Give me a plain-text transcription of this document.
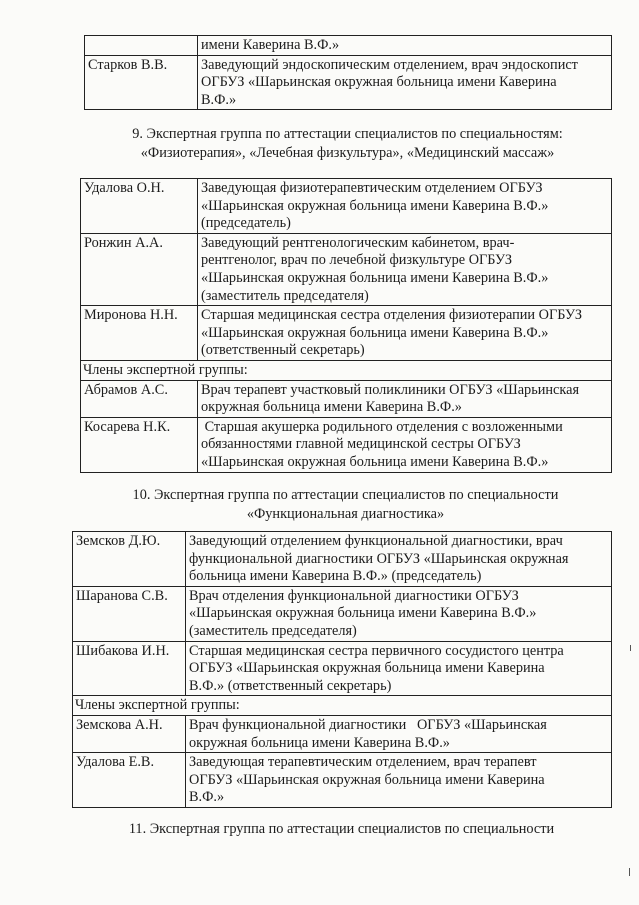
	имени Каверина В.Ф.»

Старков В.В.	Заведующий эндоскопическим отделением, врач эндоскопист
ОГБУЗ «Шарьинская окружная больница имени Каверина
В.Ф.»
9. Экспертная группа по аттестации специалистов по специальностям:
«Физиотерапия», «Лечебная физкультура», «Медицинский массаж»
Удалова О.Н.	Заведующая физиотерапевтическим отделением ОГБУЗ
«Шарьинская окружная больница имени Каверина В.Ф.»
(председатель)

Ронжин А.А.	Заведующий рентгенологическим кабинетом, врач-
рентгенолог, врач по лечебной физкультуре ОГБУЗ
«Шарьинская окружная больница имени Каверина В.Ф.»
(заместитель председателя)

Миронова Н.Н.	Старшая медицинская сестра отделения физиотерапии ОГБУЗ
«Шарьинская окружная больница имени Каверина В.Ф.»
(ответственный секретарь)

Члены экспертной группы:	
Абрамов А.С.	Врач терапевт участковый поликлиники ОГБУЗ «Шарьинская
окружная больница имени Каверина В.Ф.»

Косарева Н.К.	Старшая акушерка родильного отделения с возложенными
обязанностями главной медицинской сестры ОГБУЗ
«Шарьинская окружная больница имени Каверина В.Ф.»
10. Экспертная группа по аттестации специалистов по специальности
«Функциональная диагностика»
Земсков Д.Ю.	Заведующий отделением функциональной диагностики, врач
функциональной диагностики ОГБУЗ «Шарьинская окружная
больница имени Каверина В.Ф.» (председатель)

Шаранова С.В.	Врач отделения функциональной диагностики ОГБУЗ
«Шарьинская окружная больница имени Каверина В.Ф.»
(заместитель председателя)

Шибакова И.Н.	Старшая медицинская сестра первичного сосудистого центра
ОГБУЗ «Шарьинская окружная больница имени Каверина
В.Ф.» (ответственный секретарь)

Члены экспертной группы:	
Земскова А.Н.	Врач функциональной диагностики   ОГБУЗ «Шарьинская
окружная больница имени Каверина В.Ф.»

Удалова Е.В.	Заведующая терапевтическим отделением, врач терапевт
ОГБУЗ «Шарьинская окружная больница имени Каверина
В.Ф.»
11. Экспертная группа по аттестации специалистов по специальности
